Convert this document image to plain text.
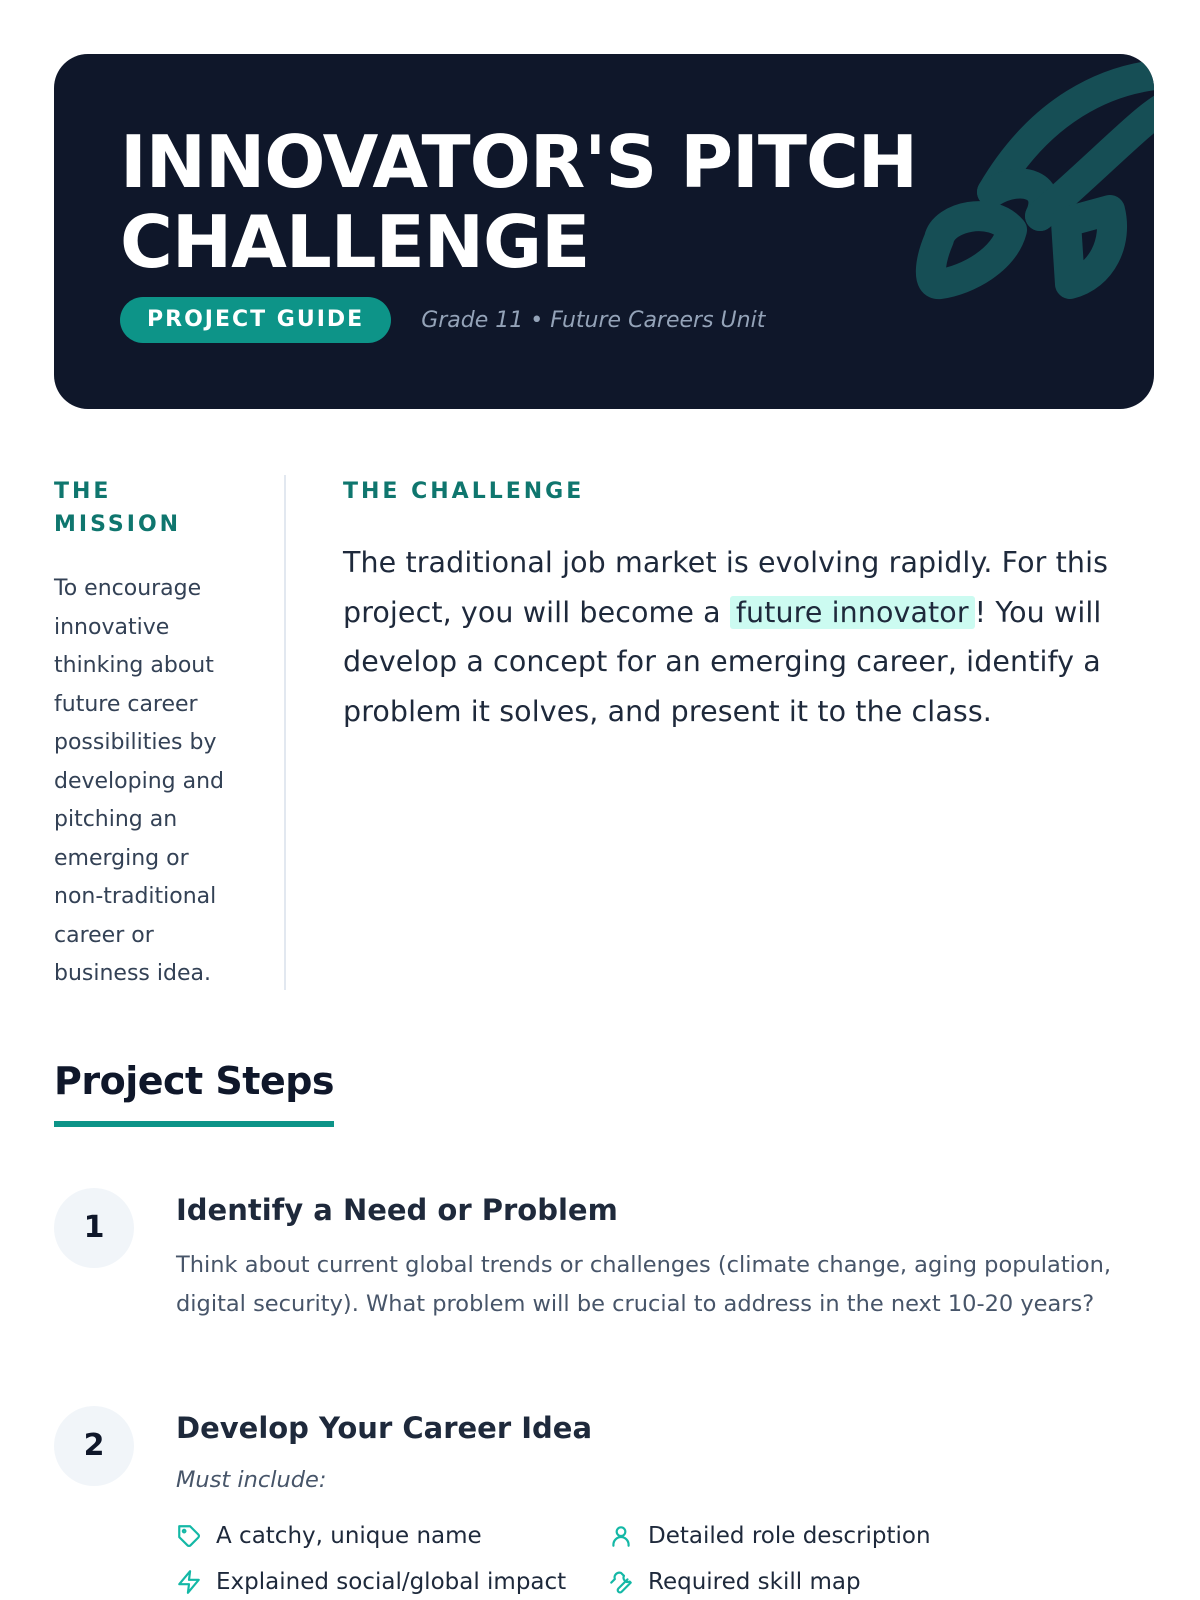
INNOVATOR'S PITCH
CHALLENGE
PROJECT GUIDE	Grade 11 • Future Careers Unit
THE MISSION

To encourage innovative thinking about future career possibilities by developing and pitching an emerging or non-traditional career or business idea.

THE CHALLENGE

The traditional job market is evolving rapidly. For this project, you will become a future innovator ! You will develop a concept for an emerging career, identify a problem it solves, and present it to the class.

Project Steps
1	Identify a Need or Problem

Think about current global trends or challenges (climate change, aging population, digital security). What problem will be crucial to address in the next 10-20 years?

2	Develop Your Career Idea

Must include:

A catchy, unique name	Detailed role description
Explained social/global impact	Required skill map
